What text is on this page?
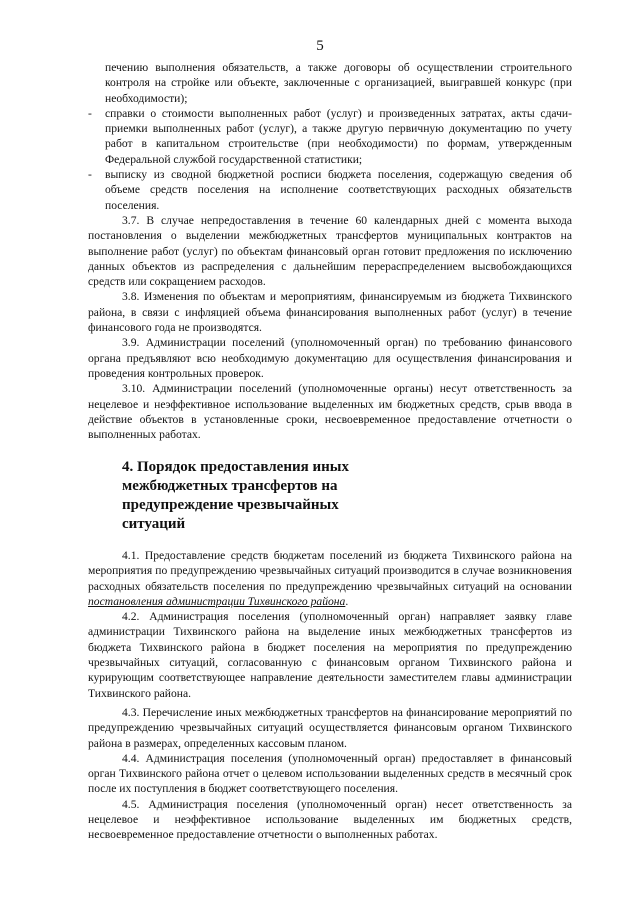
5

печению выполнения обязательств, а также договоры об осуществлении строительного контроля на стройке или объекте, заключенные с организацией, выигравшей конкурс (при необходимости);

- справки о стоимости выполненных работ (услуг) и произведенных затратах, акты сдачи-приемки выполненных работ (услуг), а также другую первичную документацию по учету работ в капитальном строительстве (при необходимости) по формам, утвержденным Федеральной службой государственной статистики;

- выписку из сводной бюджетной росписи бюджета поселения, содержащую сведения об объеме средств поселения на исполнение соответствующих расходных обязательств поселения.

3.7. В случае непредоставления в течение 60 календарных дней с момента выхода постановления о выделении межбюджетных трансфертов муниципальных контрактов на выполнение работ (услуг) по объектам финансовый орган готовит предложения по исключению данных объектов из распределения с дальнейшим перераспределением высвобождающихся средств или сокращением расходов.

3.8. Изменения по объектам и мероприятиям, финансируемым из бюджета Тихвинского района, в связи с инфляцией объема финансирования выполненных работ (услуг) в течение финансового года не производятся.

3.9. Администрации поселений (уполномоченный орган) по требованию финансового органа предъявляют всю необходимую документацию для осуществления финансирования и проведения контрольных проверок.

3.10. Администрации поселений (уполномоченные органы) несут ответственность за нецелевое и неэффективное использование выделенных им бюджетных средств, срыв ввода в действие объектов в установленные сроки, несвоевременное предоставление отчетности о выполненных работах.

4. Порядок предоставления иных межбюджетных трансфертов на предупреждение чрезвычайных ситуаций

4.1. Предоставление средств бюджетам поселений из бюджета Тихвинского района на мероприятия по предупреждению чрезвычайных ситуаций производится в случае возникновения расходных обязательств поселения по предупреждению чрезвычайных ситуаций на основании постановления администрации Тихвинского района.

4.2. Администрация поселения (уполномоченный орган) направляет заявку главе администрации Тихвинского района на выделение иных межбюджетных трансфертов из бюджета Тихвинского района в бюджет поселения на мероприятия по предупреждению чрезвычайных ситуаций, согласованную с финансовым органом Тихвинского района и курирующим соответствующее направление деятельности заместителем главы администрации Тихвинского района.

4.3. Перечисление иных межбюджетных трансфертов на финансирование мероприятий по предупреждению чрезвычайных ситуаций осуществляется финансовым органом Тихвинского района в размерах, определенных кассовым планом.

4.4. Администрация поселения (уполномоченный орган) предоставляет в финансовый орган Тихвинского района отчет о целевом использовании выделенных средств в месячный срок после их поступления в бюджет соответствующего поселения.

4.5. Администрация поселения (уполномоченный орган) несет ответственность за нецелевое и неэффективное использование выделенных им бюджетных средств, несвоевременное предоставление отчетности о выполненных работах.
